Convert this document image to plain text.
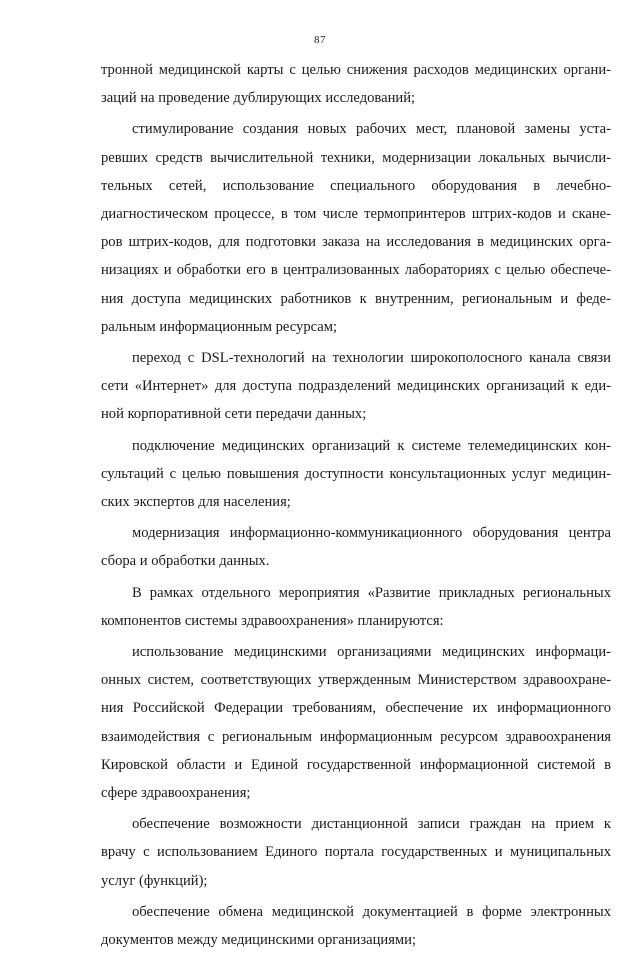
87
тронной медицинской карты с целью снижения расходов медицинских органи-
заций на проведение дублирующих исследований;
стимулирование создания новых рабочих мест, плановой замены уста-
ревших средств вычислительной техники, модернизации локальных вычисли-
тельных сетей, использование специального оборудования в лечебно-
диагностическом процессе, в том числе термопринтеров штрих-кодов и скане-
ров штрих-кодов, для подготовки заказа на исследования в медицинских орга-
низациях и обработки его в централизованных лабораториях с целью обеспече-
ния доступа медицинских работников к внутренним, региональным и феде-
ральным информационным ресурсам;
переход с DSL-технологий на технологии широкополосного канала связи
сети «Интернет» для доступа подразделений медицинских организаций к еди-
ной корпоративной сети передачи данных;
подключение медицинских организаций к системе телемедицинских кон-
сультаций с целью повышения доступности консультационных услуг медицин-
ских экспертов для населения;
модернизация информационно-коммуникационного оборудования центра
сбора и обработки данных.
В рамках отдельного мероприятия «Развитие прикладных региональных
компонентов системы здравоохранения» планируются:
использование медицинскими организациями медицинских информаци-
онных систем, соответствующих утвержденным Министерством здравоохране-
ния Российской Федерации требованиям, обеспечение их информационного
взаимодействия с региональным информационным ресурсом здравоохранения
Кировской области и Единой государственной информационной системой в
сфере здравоохранения;
обеспечение возможности дистанционной записи граждан на прием к
врачу с использованием Единого портала государственных и муниципальных
услуг (функций);
обеспечение обмена медицинской документацией в форме электронных
документов между медицинскими организациями;
